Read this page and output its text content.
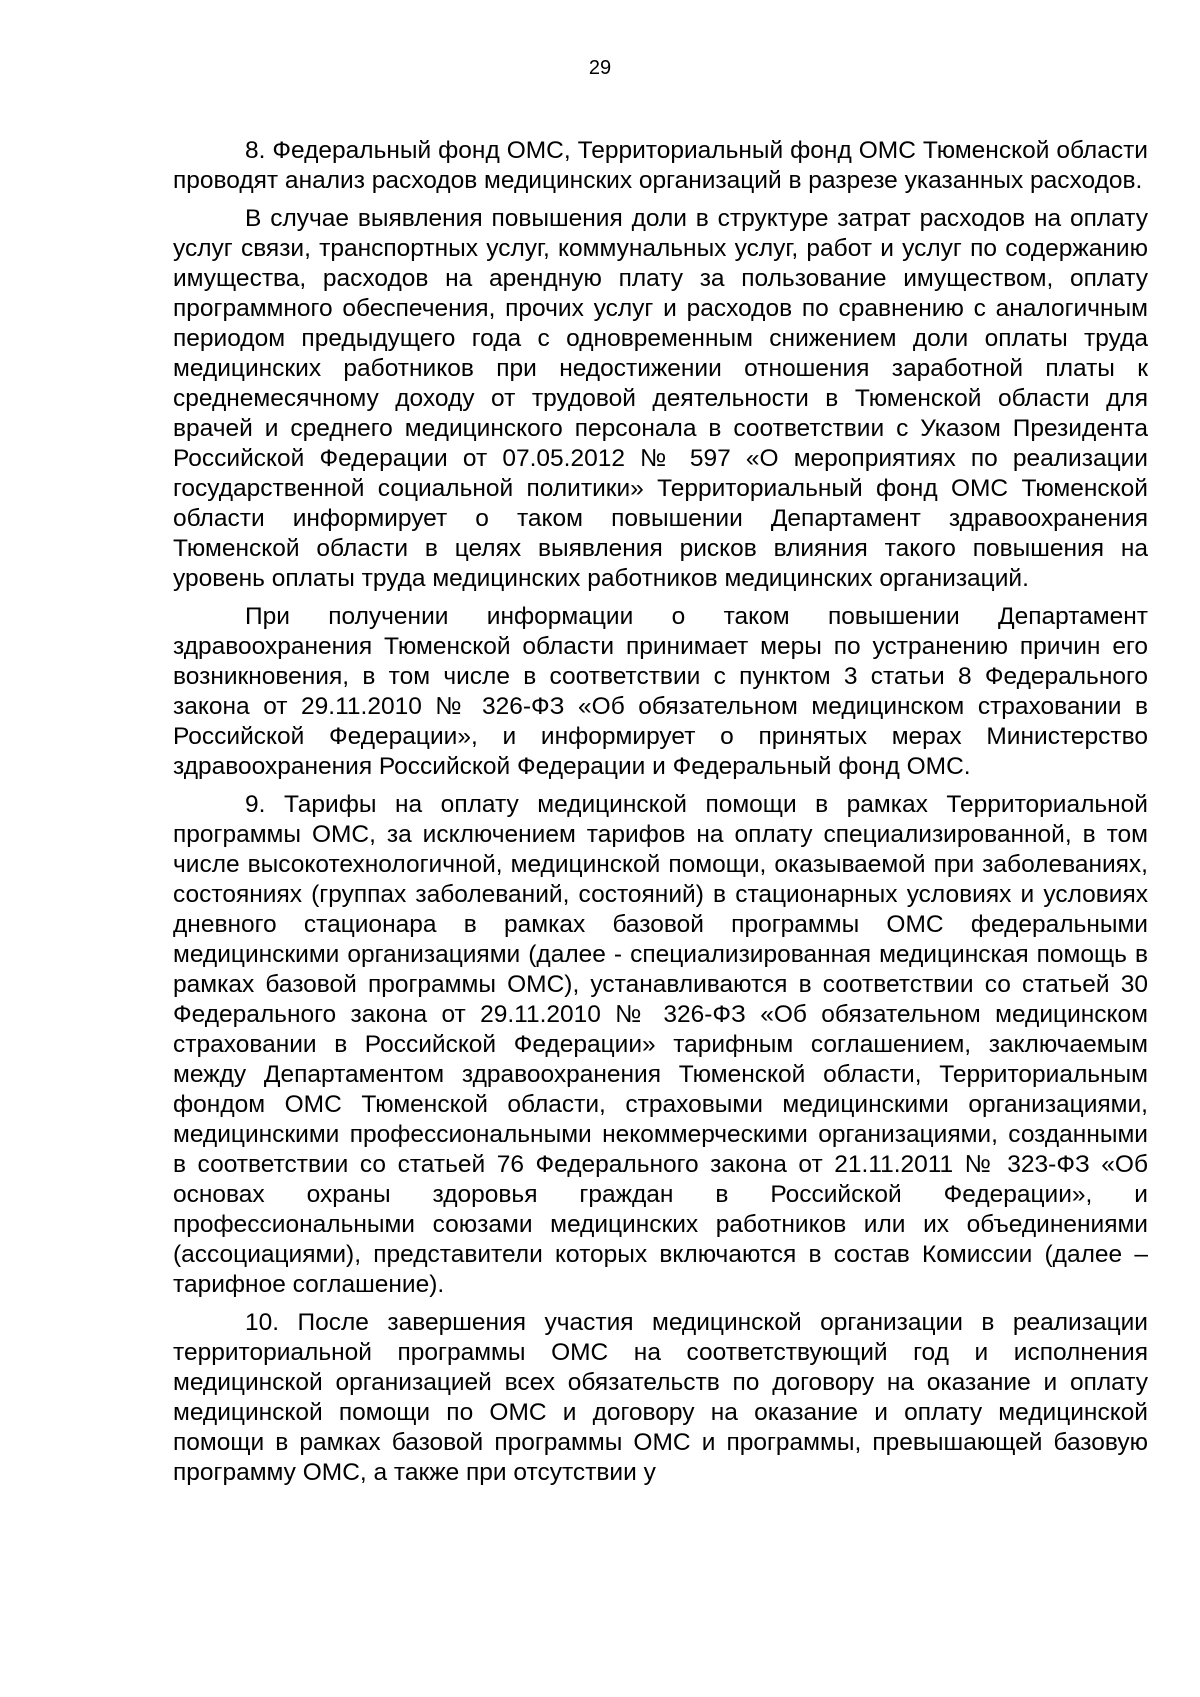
29

8. Федеральный фонд ОМС, Территориальный фонд ОМС Тюменской области проводят анализ расходов медицинских организаций в разрезе указанных расходов.

В случае выявления повышения доли в структуре затрат расходов на оплату услуг связи, транспортных услуг, коммунальных услуг, работ и услуг по содержанию имущества, расходов на арендную плату за пользование имуществом, оплату программного обеспечения, прочих услуг и расходов по сравнению с аналогичным периодом предыдущего года с одновременным снижением доли оплаты труда медицинских работников при недостижении отношения заработной платы к среднемесячному доходу от трудовой деятельности в Тюменской области для врачей и среднего медицинского персонала в соответствии с Указом Президента Российской Федерации от 07.05.2012 № 597 «О мероприятиях по реализации государственной социальной политики» Территориальный фонд ОМС Тюменской области информирует о таком повышении Департамент здравоохранения Тюменской области в целях выявления рисков влияния такого повышения на уровень оплаты труда медицинских работников медицинских организаций.

При получении информации о таком повышении Департамент здравоохранения Тюменской области принимает меры по устранению причин его возникновения, в том числе в соответствии с пунктом 3 статьи 8 Федерального закона от 29.11.2010 № 326-ФЗ «Об обязательном медицинском страховании в Российской Федерации», и информирует о принятых мерах Министерство здравоохранения Российской Федерации и Федеральный фонд ОМС.

9. Тарифы на оплату медицинской помощи в рамках Территориальной программы ОМС, за исключением тарифов на оплату специализированной, в том числе высокотехнологичной, медицинской помощи, оказываемой при заболеваниях, состояниях (группах заболеваний, состояний) в стационарных условиях и условиях дневного стационара в рамках базовой программы ОМС федеральными медицинскими организациями (далее - специализированная медицинская помощь в рамках базовой программы ОМС), устанавливаются в соответствии со статьей 30 Федерального закона от 29.11.2010 № 326-ФЗ «Об обязательном медицинском страховании в Российской Федерации» тарифным соглашением, заключаемым между Департаментом здравоохранения Тюменской области, Территориальным фондом ОМС Тюменской области, страховыми медицинскими организациями, медицинскими профессиональными некоммерческими организациями, созданными в соответствии со статьей 76 Федерального закона от 21.11.2011 № 323-ФЗ «Об основах охраны здоровья граждан в Российской Федерации», и профессиональными союзами медицинских работников или их объединениями (ассоциациями), представители которых включаются в состав Комиссии (далее – тарифное соглашение).

10. После завершения участия медицинской организации в реализации территориальной программы ОМС на соответствующий год и исполнения медицинской организацией всех обязательств по договору на оказание и оплату медицинской помощи по ОМС и договору на оказание и оплату медицинской помощи в рамках базовой программы ОМС и программы, превышающей базовую программу ОМС, а также при отсутствии у
